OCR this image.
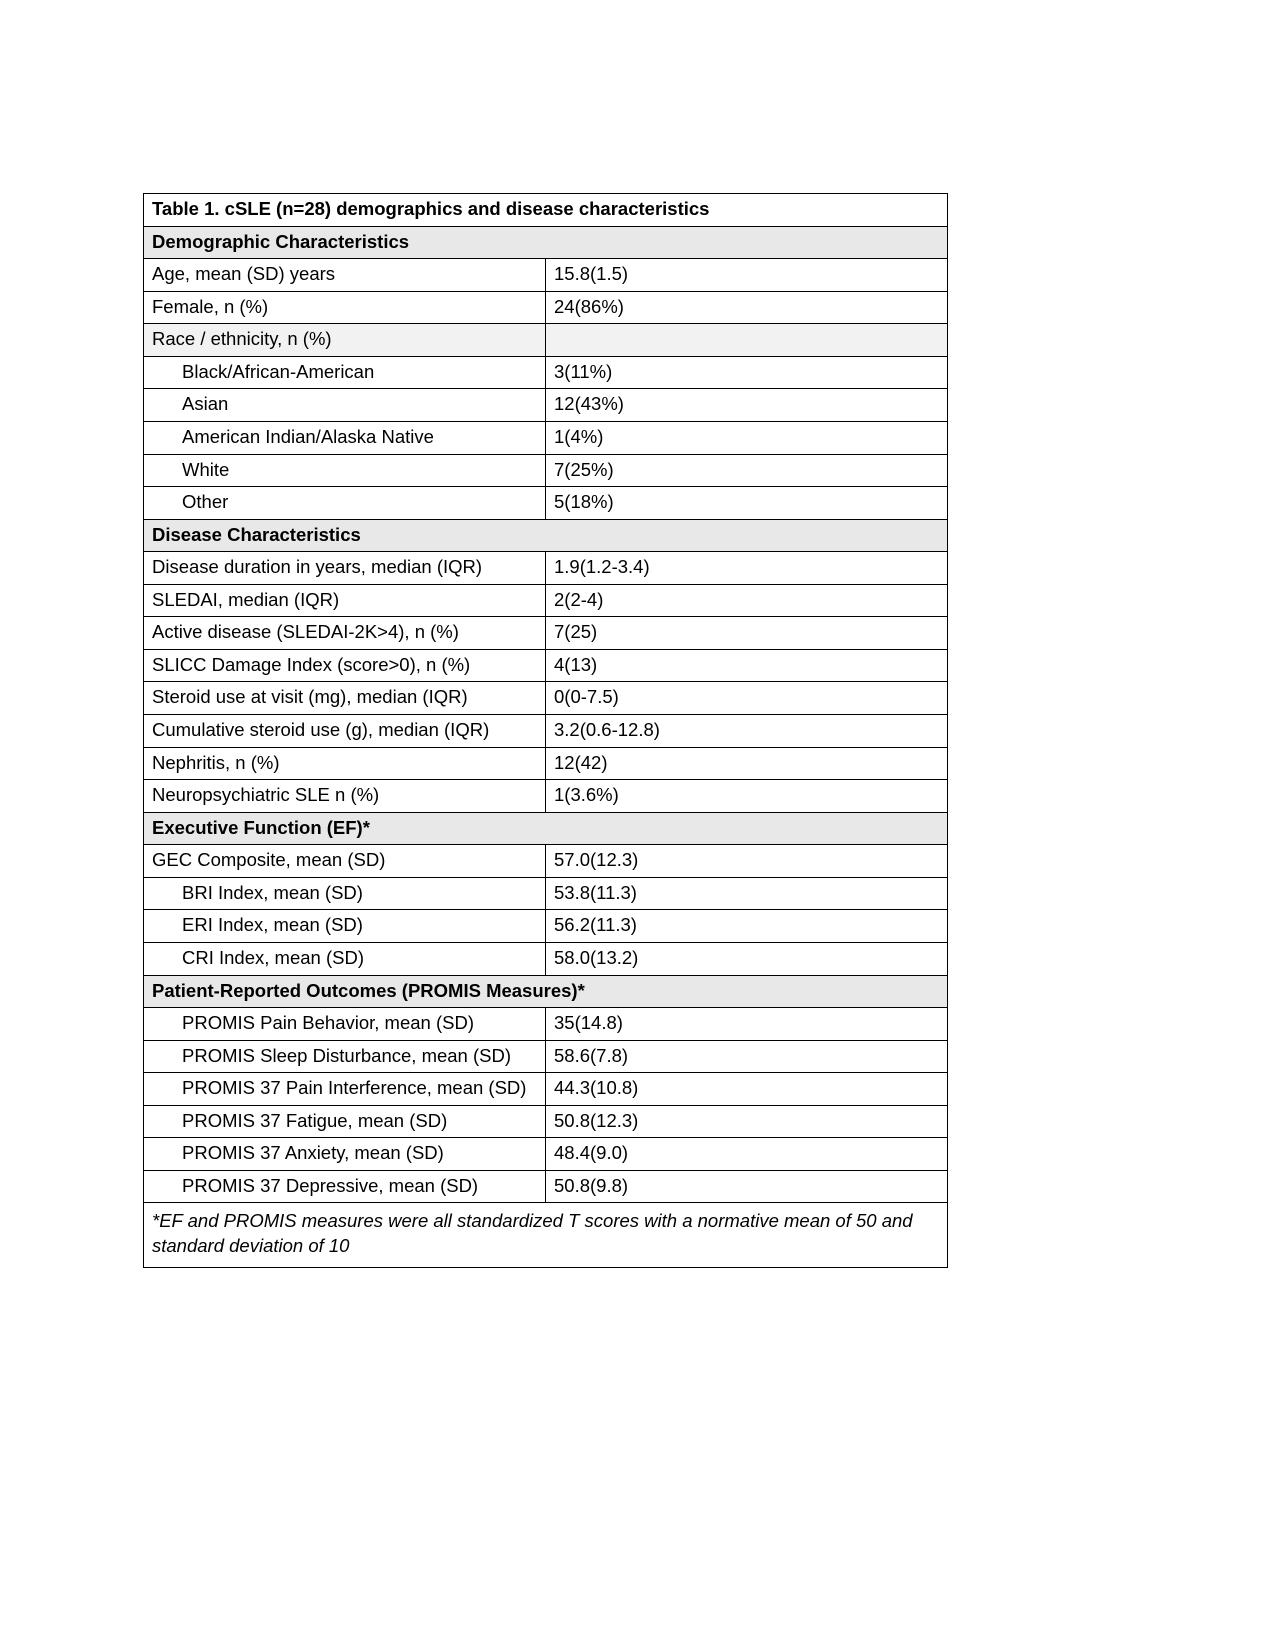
Table 1. cSLE (n=28) demographics and disease characteristics	
Demographic Characteristics	
Age, mean (SD) years	15.8(1.5)
Female, n (%)	24(86%)
Race / ethnicity, n (%)	
Black/African-American	3(11%)
Asian	12(43%)
American Indian/Alaska Native	1(4%)
White	7(25%)
Other	5(18%)
Disease Characteristics	
Disease duration in years, median (IQR)	1.9(1.2-3.4)
SLEDAI, median (IQR)	2(2-4)
Active disease (SLEDAI-2K>4), n (%)	7(25)
SLICC Damage Index (score>0), n (%)	4(13)
Steroid use at visit (mg), median (IQR)	0(0-7.5)
Cumulative steroid use (g), median (IQR)	3.2(0.6-12.8)
Nephritis, n (%)	12(42)
Neuropsychiatric SLE n (%)	1(3.6%)
Executive Function (EF)*	
GEC Composite, mean (SD)	57.0(12.3)
BRI Index, mean (SD)	53.8(11.3)
ERI Index, mean (SD)	56.2(11.3)
CRI Index, mean (SD)	58.0(13.2)
Patient-Reported Outcomes (PROMIS Measures)*	
PROMIS Pain Behavior, mean (SD)	35(14.8)
PROMIS Sleep Disturbance, mean (SD)	58.6(7.8)
PROMIS 37 Pain Interference, mean (SD)	44.3(10.8)
PROMIS 37 Fatigue, mean (SD)	50.8(12.3)
PROMIS 37 Anxiety, mean (SD)	48.4(9.0)
PROMIS 37 Depressive, mean (SD)	50.8(9.8)
*EF and PROMIS measures were all standardized T scores with a normative mean of 50 and standard deviation of 10	
